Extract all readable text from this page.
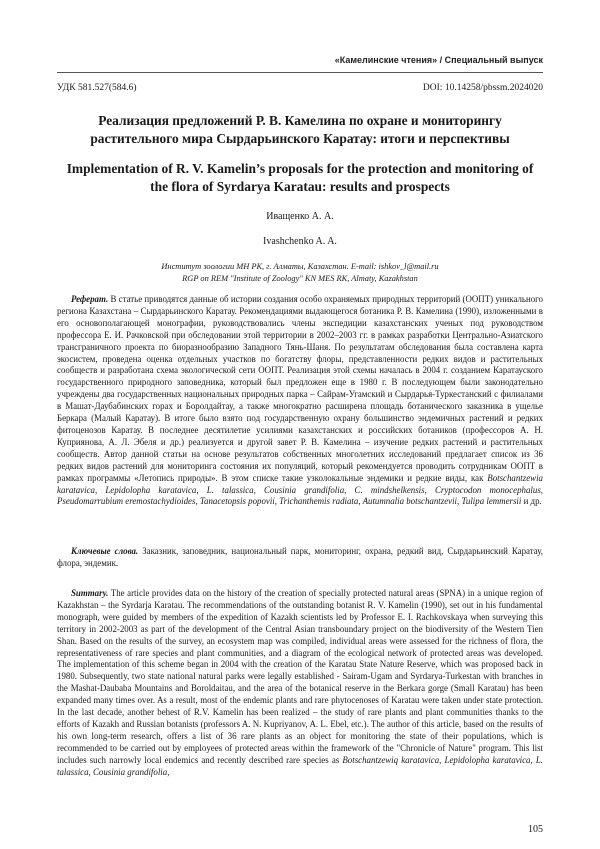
«Камелинские чтения» / Специальный выпуск
УДК 581.527(584.6)	DOI: 10.14258/pbssm.2024020
Реализация предложений Р. В. Камелина по охране и мониторингу растительного мира Сырдарьинского Каратау: итоги и перспективы
Implementation of R. V. Kamelin’s proposals for the protection and monitoring of the flora of Syrdarya Karatau: results and prospects
Иващенко А. А.
Ivashchenko A. A.
Институт зоологии МН РК, г. Алматы, Казахстан. E-mail: ishkov_l@mail.ru
RGP on REM "Institute of Zoology" KN MES RK, Almaty, Kazakhstan

Реферат. В статье приводятся данные об истории создания особо охраняемых природных территорий (ООПТ) уникального региона Казахстана – Сырдарьинского Каратау. Рекомендациями выдающегося ботаника Р. В. Камелина (1990), изложенными в его основополагающей монографии, руководствовались члены экспедиции казахстанских ученых под руководством профессора Е. И. Рачковской при обследовании этой территории в 2002–2003 гг. в рамках разработки Центрально-Азиатского трансграничного проекта по биоразнообразию Западного Тянь-Шаня. По результатам обследования была составлена карта экосистем, проведена оценка отдельных участков по богатству флоры, представленности редких видов и растительных сообществ и разработана схема экологической сети ООПТ. Реализация этой схемы началась в 2004 г. созданием Каратауского государственного природного заповедника, который был предложен еще в 1980 г. В последующем были законодательно учреждены два государственных национальных природных парка – Сайрам-Угамский и Сырдарья-Туркестанский с филиалами в Машат-Даубабинских горах и Боролдайтау, а также многократно расширена площадь ботанического заказника в ущелье Беркара (Малый Каратау). В итоге было взято под государственную охрану большинство эндемичных растений и редких фитоценозов Каратау. В последнее десятилетие усилиями казахстанских и российских ботаников (профессоров А. Н. Куприянова, А. Л. Эбеля и др.) реализуется и другой завет Р. В. Камелина – изучение редких растений и растительных сообществ. Автор данной статьи на основе результатов собственных многолетних исследований предлагает список из 36 редких видов растений для мониторинга состояния их популяций, который рекомендуется проводить сотрудникам ООПТ в рамках программы «Летопись природы». В этом списке такие узколокальные эндемики и редкие виды, как Botschantzewia karatavica, Lepidolopha karatavica, L. talassica, Cousinia grandifolia, C. mindshelkensis, Cryptocodon monocephalus, Pseudomarrubium eremostachydioides, Tanacetopsis popovii, Trichanthemis radiata, Autumnalia botschantzevii, Tulipa lemmersii и др.

Ключевые слова. Заказник, заповедник, национальный парк, мониторинг, охрана, редкий вид, Сырдарьинский Каратау, флора, эндемик.

Summary. The article provides data on the history of the creation of specially protected natural areas (SPNA) in a unique region of Kazakhstan – the Syrdarja Karatau. The recommendations of the outstanding botanist R. V. Kamelin (1990), set out in his fundamental monograph, were guided by members of the expedition of Kazakh scientists led by Professor E. I. Rachkovskaya when surveying this territory in 2002-2003 as part of the development of the Central Asian transboundary project on the biodiversity of the Western Tien Shan. Based on the results of the survey, an ecosystem map was compiled, individual areas were assessed for the richness of flora, the representativeness of rare species and plant communities, and a diagram of the ecological network of protected areas was developed. The implementation of this scheme began in 2004 with the creation of the Karatau State Nature Reserve, which was proposed back in 1980. Subsequently, two state national natural parks were legally established - Sairam-Ugam and Syrdarya-Turkestan with branches in the Mashat-Daubaba Mountains and Boroldaitau, and the area of the botanical reserve in the Berkara gorge (Small Karatau) has been expanded many times over. As a result, most of the endemic plants and rare phytocenoses of Karatau were taken under state protection. In the last decade, another behest of R.V. Kamelin has been realized – the study of rare plants and plant communities thanks to the efforts of Kazakh and Russian botanists (professors A. N. Kupriyanov, A. L. Ebel, etc.). The author of this article, based on the results of his own long-term research, offers a list of 36 rare plants as an object for monitoring the state of their populations, which is recommended to be carried out by employees of protected areas within the framework of the "Chronicle of Nature" program. This list includes such narrowly local endemics and recently described rare species as Botschantzewiq karatavica, Lepidolopha karatavica, L. talassica, Cousinia grandifolia,

105
